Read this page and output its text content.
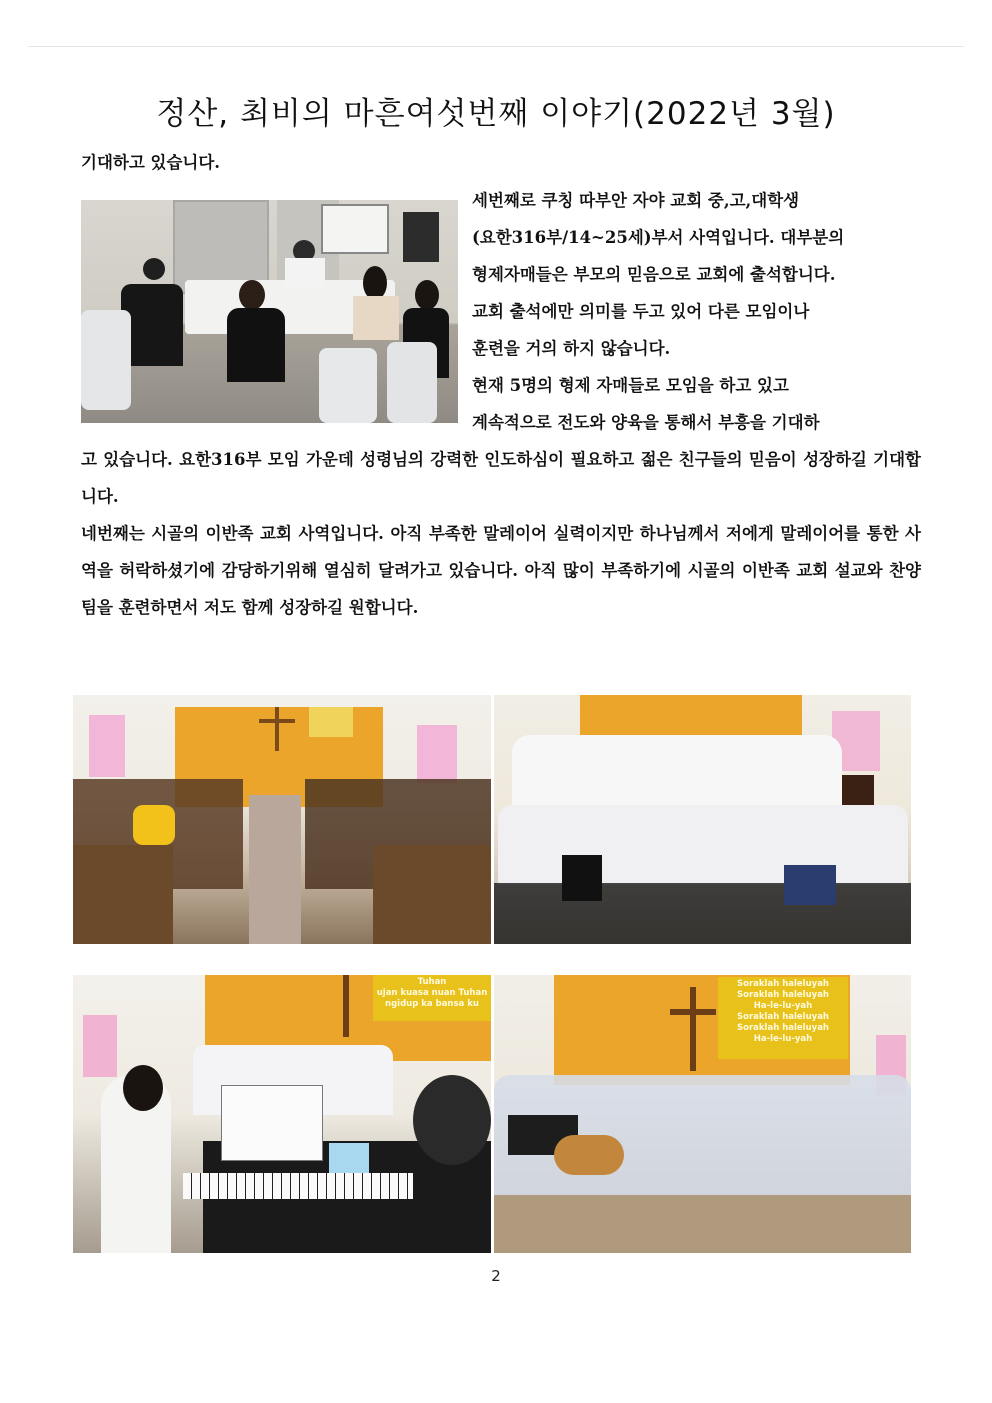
정산, 최비의 마흔여섯번째 이야기(2022년 3월)

기대하고 있습니다.

세번째로 쿠칭 따부안 자야 교회 중,고,대학생
(요한316부/14~25세)부서 사역입니다. 대부분의
형제자매들은 부모의 믿음으로 교회에 출석합니다.
교회 출석에만 의미를 두고 있어 다른 모임이나
훈련을 거의 하지 않습니다.
현재 5명의 형제 자매들로 모임을 하고 있고
계속적으로 전도와 양육을 통해서 부흥을 기대하

고 있습니다. 요한316부 모임 가운데 성령님의 강력한 인도하심이 필요하고 젊은 친구들의 믿음이 성장하길 기대합니다.

네번째는 시골의 이반족 교회 사역입니다. 아직 부족한 말레이어 실력이지만 하나님께서 저에게 말레이어를 통한 사역을 허락하셨기에 감당하기위해 열심히 달려가고 있습니다. 아직 많이 부족하기에 시골의 이반족 교회 설교와 찬양팀을 훈련하면서 저도 함께 성장하길 원합니다.

Tuhan
ujan kuasa nuan Tuhan
ngidup ka bansa ku
Soraklah haleluyah
Soraklah haleluyah
Ha-le-lu-yah
Soraklah haleluyah
Soraklah haleluyah
Ha-le-lu-yah
2
